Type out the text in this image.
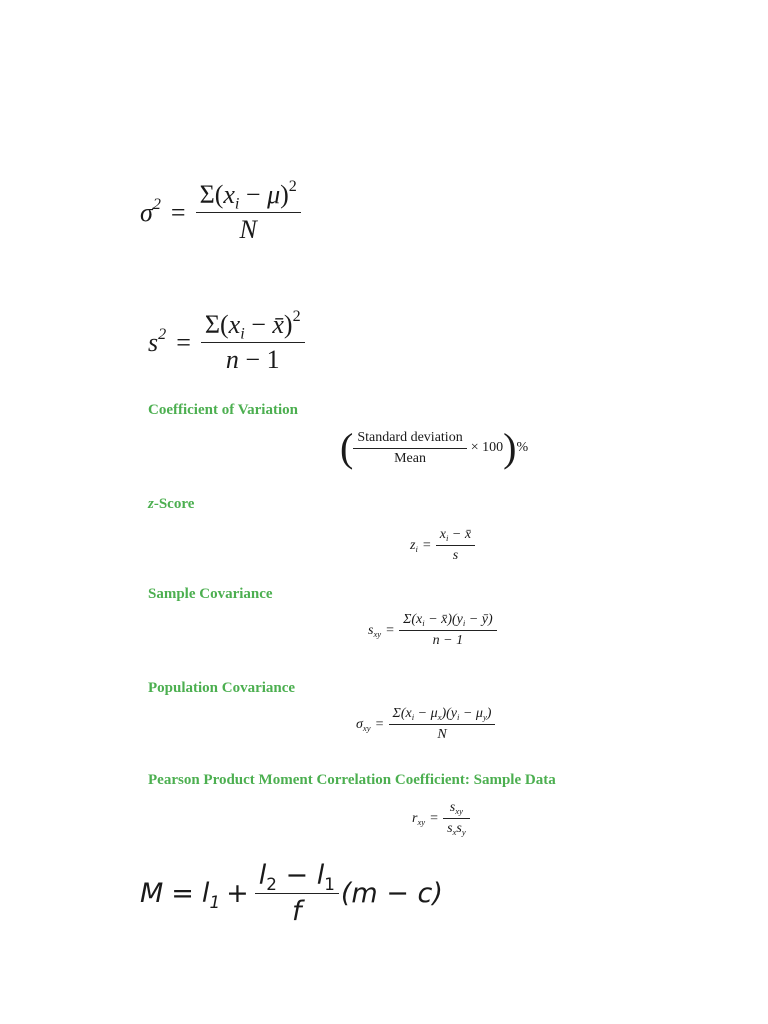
$\sigma^2 = \frac{\Sigma(x_i - \mu)^2}{N}$
$s^2 = \frac{\Sigma(x_i - x̄)^2}{n - 1}$
Coefficient of Variation
( $\frac{\text{Standard deviation}}{\text{Mean}} \times 100$ ) %
z-Score
$z_i = \frac{x_i - x̄}{s}$
Sample Covariance
$s_{xy} = \frac{\Sigma(x_i - x̄)(y_i - ȳ)}{n - 1}$
Population Covariance
$\sigma_{xy} = \frac{\Sigma(x_i - \mu_x)(y_i - \mu_y)}{N}$
Pearson Product Moment Correlation Coefficient: Sample Data
$r_{xy} = \frac{s_{xy}}{s_xs_y}$
$M = l_1 + \frac{l_2 - l_1}{f} (m - c)$
